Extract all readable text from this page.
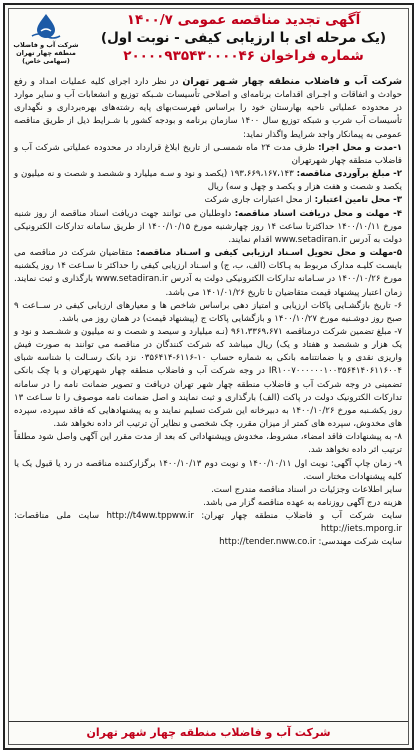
شرکت آب و فاضلاب
منطقه چهار تهران
(سهامی خاص)
آگهی تجدید مناقصه عمومی ۱۴۰۰/۷
(یک مرحله ای با ارزیابی کیفی - نوبت اول)
شماره فراخوان ۲۰۰۰۰۹۳۵۴۳۰۰۰۰۴۶

شرکت آب و فاضلاب منطقه چهار شـهر تهران در نظر دارد اجرای کلیه عملیات امداد و رفع حوادث و اتفاقات و اجـرای اقدامات برنامه‌ای و اصلاحی تأسیسات شـبکه توزیع و انشعابات آب و سایر موارد در محدوده عملیاتی ناحیه بهارستان خود را براساس فهرست‌بهای پایه رشته‌های بهره‌برداری و نگهداری تأسیسات آب شرب و شبکه توزیع سال ۱۴۰۰ سازمان برنامه و بودجه کشور با شـرایط ذیل از طریق مناقصه عمومی به پیمانکار واجد شرایط واگذار نماید:

۱-مدت و محل اجرا: ظرف مدت ۲۴ ماه شمسـی از تاریخ ابلاغ قرارداد در محدوده عملیاتی شرکت آب و فاضلاب منطقه چهار شهرتهران

۲- مبلغ برآوردی مناقصه: ۱۹۳،۶۶۹،۱۶۷،۱۴۳ (یکصد و نود و سـه میلیارد و ششصد و شصت و نه میلیون و یکصد و شصت و هفت هزار و یکصد و چهل و سه) ریال

۳- محل تامین اعتبار: از محل اعتبارات جاری شرکت

۴- مهلت و محل دریافت اسناد مناقصه: داوطلبان می توانند جهت دریافت اسناد مناقصه از روز شنبه مورخ ۱۴۰۰/۱۰/۱۱ حداکثرتا ساعت ۱۴ روز چهارشنبه مورخ ۱۴۰۰/۱۰/۱۵ از طریق سامانه تدارکات الکترونیکی دولت به آدرس www.setadiran.ir اقدام نمایند.

۵-مهلت و محل تحویل اسـناد ارزیابی کیفی و اسـناد مناقصه: متقاضیان شرکت در مناقصه می بایسـت کلیـه مدارک مربوط به پـاکات (الف، ب، ج) و اسـناد ارزیابی کیفی را حداکثر تا سـاعت ۱۴ روز یکشنبه مورخ ۱۴۰۰/۱۰/۲۶ در سـامانه تدارکات الکترونیکی دولت به آدرس www.setadiran.ir بارگذاری و ثبت نمایند. زمان اعتبار پیشنهاد قیمت متقاضیان تا تاریخ ۱۴۰۱/۰۱/۲۶ می باشد.

۶- تاریخ بازگشـایی پاکات ارزیابی و امتیاز دهی براساس شاخص ها و معیارهای ارزیابی کیفی در ســاعت ۹ صبح روز دوشـنبه مورخ ۱۴۰۰/۱۰/۲۷ و بازگشایی پاکات ج (پیشنهاد قیمت) در همان روز می باشد.

۷- مبلغ تضمین شرکت درمناقصه ۹۶۱،۳۳۶۹،۶۷۱ (نـه میلیارد و سیصد و شصت و نه میلیون و ششـصد و نود و یک هزار و ششصد و هفتاد و یک) ریال میباشد که شرکت کنندگان در مناقصه می توانند به صورت فیش واریزی نقدی و یا ضمانتنامه بانکی به شماره حساب ۱۰-۶۱۱۶-۰۳۵۶۴۱۴ نزد بانک رسـالت با شناسه شبای IR۱۰۰۷۰۰۰۰۰۰۱۰۰۳۵۶۴۱۴۰۶۱۱۶۰۰۴ در وجه شرکت آب و فاضلاب منطقه چهار شهرتهران و یا چک بانکی تضمینی در وجه شرکت آب و فاضلاب منطقه چهار شهر تهران دریافت و تصویر ضمانت نامه را در سامانه تدارکات الکترونیک دولت در پاکت (الف) بارگذاری و ثبت نمایند و اصل ضمانت نامه موصوف را تا سـاعت ۱۳ روز یکشـنبه مورخ ۱۴۰۰/۱۰/۲۶ به دبیرخانه این شرکت تسلیم نمایند و به پیشنهادهایی که فاقد سپرده، سپرده های مخدوش، سپرده های کمتر از میزان مقرر، چک شخصی و نظایر آن ترتیب اثر داده نخواهد شد.

۸- به پیشنهادات فاقد امضاء، مشروط، مخدوش وپیشنهاداتی که بعد از مدت مقرر این آگهی واصل شود مطلقاً ترتیب اثر داده نخواهد شد.

۹- زمان چاپ آگهی: نوبت اول ۱۴۰۰/۱۰/۱۱ و نوبت دوم ۱۴۰۰/۱۰/۱۳ برگزارکننده مناقصه در رد یا قبول یک یا کلیه پیشنهادات مختار است.

سایر اطلاعات وجزئیات در اسناد مناقصه مندرج است.

هزینه درج آگهی روزنامه به عهده مناقصه گزار می باشد.

سایت شرکت آب و فاضلاب منطقه چهار تهران: http://t4ww.tppww.ir سایت ملی مناقصات: http://iets.mporg.ir

سایت شرکت مهندسی: http://tender.nww.co.ir

شرکت آب و فاضلاب منطقه چهار شهر تهران
